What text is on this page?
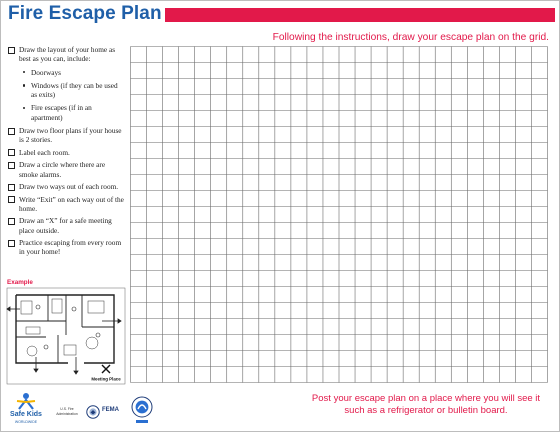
Fire Escape Plan
Following the instructions, draw your escape plan on the grid.
Draw the layout of your home as best as you can, include:
Doorways
Windows (if they can be used as exits)
Fire escapes (if in an apartment)
Draw two floor plans if your house is 2 stories.
Label each room.
Draw a circle where there are smoke alarms.
Draw two ways out of each room.
Write “Exit” on each way out of the home.
Draw an “X” for a safe meeting place outside.
Practice escaping from every room in your home!
Example
Meeting Place
Post your escape plan on a place where you will see it such as a refrigerator or bulletin board.
Safe Kids
WORLDWIDE
U.S. Fire Administration
FEMA
